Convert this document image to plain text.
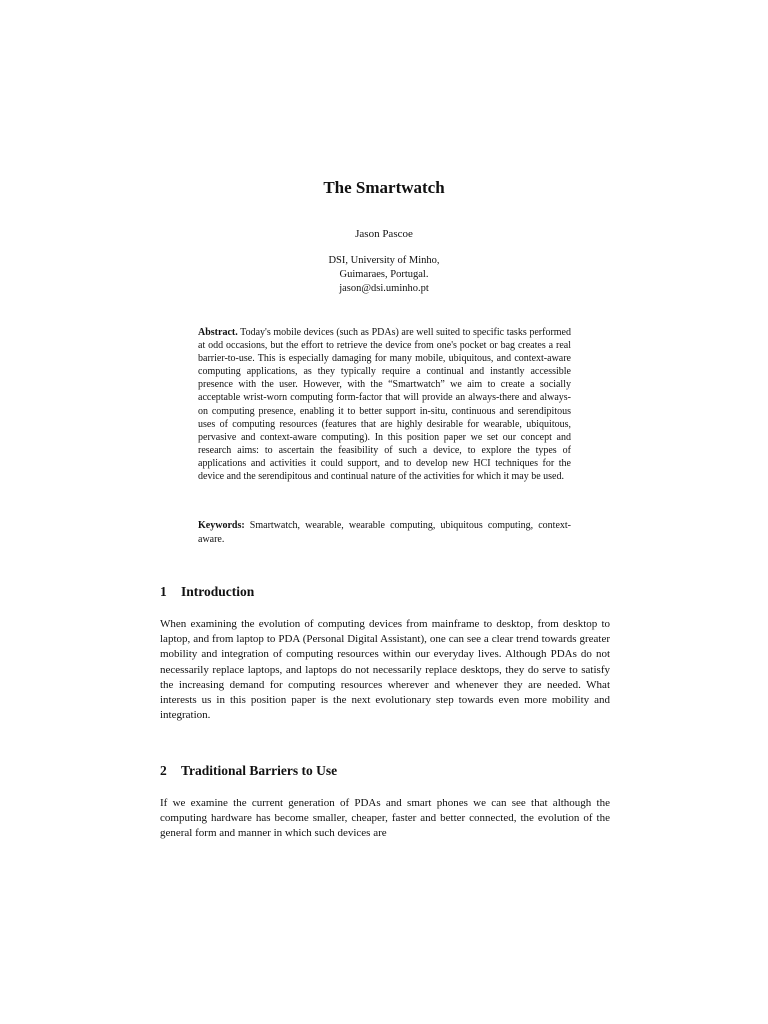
The Smartwatch
Jason Pascoe
DSI, University of Minho,
Guimaraes, Portugal.
jason@dsi.uminho.pt

Abstract. Today's mobile devices (such as PDAs) are well suited to specific tasks performed at odd occasions, but the effort to retrieve the device from one's pocket or bag creates a real barrier-to-use. This is especially damaging for many mobile, ubiquitous, and context-aware computing applications, as they typically require a continual and instantly accessible presence with the user. However, with the “Smartwatch” we aim to create a socially acceptable wrist-worn computing form-factor that will provide an always-there and always-on computing presence, enabling it to better support in-situ, continuous and serendipitous uses of computing resources (features that are highly desirable for wearable, ubiquitous, pervasive and context-aware computing). In this position paper we set our concept and research aims: to ascertain the feasibility of such a device, to explore the types of applications and activities it could support, and to develop new HCI techniques for the device and the serendipitous and continual nature of the activities for which it may be used.

Keywords: Smartwatch, wearable, wearable computing, ubiquitous computing, context-aware.

1 Introduction

When examining the evolution of computing devices from mainframe to desktop, from desktop to laptop, and from laptop to PDA (Personal Digital Assistant), one can see a clear trend towards greater mobility and integration of computing resources within our everyday lives. Although PDAs do not necessarily replace laptops, and laptops do not necessarily replace desktops, they do serve to satisfy the increasing demand for computing resources wherever and whenever they are needed. What interests us in this position paper is the next evolutionary step towards even more mobility and integration.

2 Traditional Barriers to Use

If we examine the current generation of PDAs and smart phones we can see that although the computing hardware has become smaller, cheaper, faster and better connected, the evolution of the general form and manner in which such devices are
